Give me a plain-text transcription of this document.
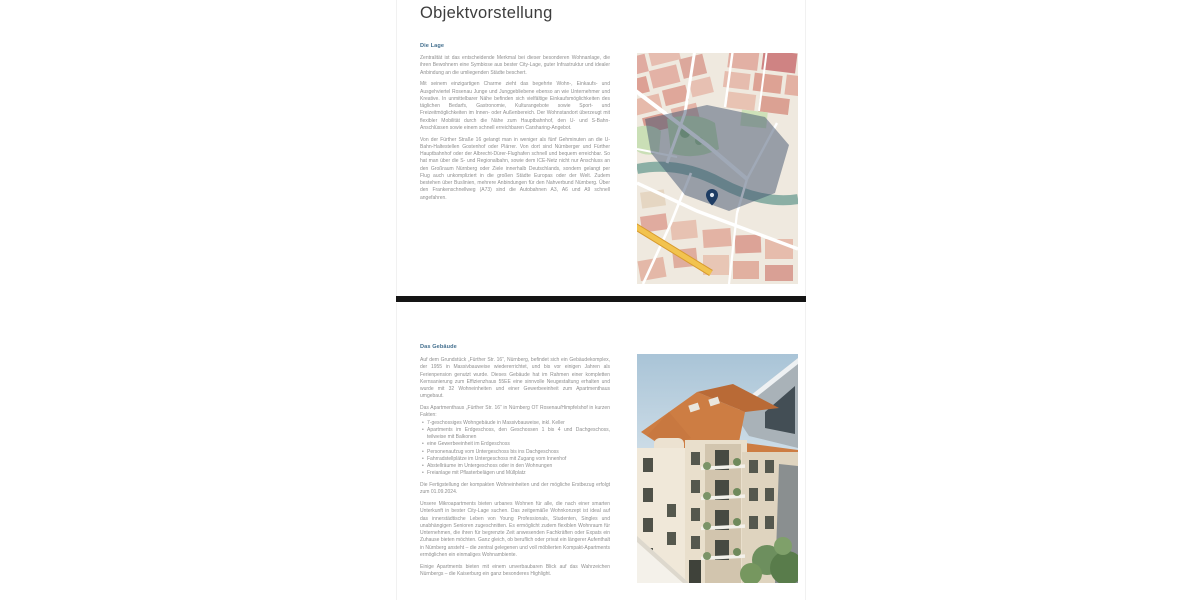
Objektvorstellung
Die Lage

Zentralität ist das entscheidende Merkmal bei dieser besonderen Wohnanlage, die ihren Bewohnern eine Symbiose aus bester City-Lage, guter Infrastruktur und idealer Anbindung an die umliegenden Städte beschert.

Mit seinem einzigartigen Charme zieht das begehrte Wohn-, Einkaufs- und Ausgehviertel Rosenau Junge und Junggebliebene ebenso an wie Unternehmer und Kreative. In unmittelbarer Nähe befinden sich vielfältige Einkaufsmöglichkeiten des täglichen Bedarfs, Gastronomie, Kulturangebote sowie Sport- und Freizeitmöglichkeiten im Innen- oder Außenbereich. Der Wohnstandort überzeugt mit flexibler Mobilität durch die Nähe zum Hauptbahnhof, den U- und S-Bahn-Anschlüssen sowie einem schnell erreichbaren Carsharing-Angebot.

Von der Fürther Straße 16 gelangt man in weniger als fünf Gehminuten an die U-Bahn-Haltestellen Gostenhof oder Plärrer. Von dort sind Nürnberger und Fürther Hauptbahnhof oder der Albrecht-Dürer-Flughafen schnell und bequem erreichbar. So hat man über die S- und Regionalbahn, sowie dem ICE-Netz nicht nur Anschluss an den Großraum Nürnberg oder Ziele innerhalb Deutschlands, sondern gelangt per Flug auch unkompliziert in die großen Städte Europas oder der Welt. Zudem bestehen über Buslinien, mehrere Anbindungen für den Nahverbund Nürnberg. Über den Frankenschnellweg (A73) sind die Autobahnen A3, A6 und A9 schnell angefahren.

Das Gebäude

Auf dem Grundstück „Fürther Str. 16“, Nürnberg, befindet sich ein Gebäudekomplex, der 1955 in Massivbauweise wiedererrichtet, und bis vor einigen Jahren als Ferienpension genutzt wurde. Dieses Gebäude hat im Rahmen einer kompletten Kernsanierung zum Effizienzhaus 55EE eine sinnvolle Neugestaltung erhalten und wurde mit 32 Wohneinheiten und einer Gewerbeeinheit zum Apartmenthaus umgebaut.

Das Apartmenthaus „Fürther Str. 16“ in Nürnberg OT Rosenau/Himpfelshof in kurzen Fakten:

• 7-geschossiges Wohngebäude in Massivbauweise, inkl. Keller
• Apartments im Erdgeschoss, den Geschossen 1 bis 4 und Dachgeschoss, teilweise mit Balkonen
• eine Gewerbeeinheit im Erdgeschoss
• Personenaufzug vom Untergeschoss bis ins Dachgeschoss
• Fahrradstellplätze im Untergeschoss mit Zugang vom Innenhof
• Abstellräume im Untergeschoss oder in den Wohnungen
• Freianlage mit Pflasterbelägen und Müllplatz

Die Fertigstellung der kompakten Wohneinheiten und der mögliche Erstbezug erfolgt zum 01.09.2024.

Unsere Mikroapartments bieten urbanes Wohnen für alle, die nach einer smarten Unterkunft in bester City-Lage suchen. Das zeitgemäße Wohnkonzept ist ideal auf das innerstädtische Leben von Young Professionals, Studenten, Singles und unabhängigen Senioren zugeschnitten. Es ermöglicht zudem flexiblen Wohnraum für Unternehmen, die ihren für begrenzte Zeit anwesenden Fachkräften oder Expats ein Zuhause bieten möchten. Ganz gleich, ob beruflich oder privat ein längerer Aufenthalt in Nürnberg ansteht – die zentral gelegenen und voll möblierten Kompakt-Apartments ermöglichen ein einmaliges Wohnambiente.

Einige Apartments bieten mit einem unverbaubaren Blick auf das Wahrzeichen Nürnbergs – die Kaiserburg ein ganz besonderes Highlight.
